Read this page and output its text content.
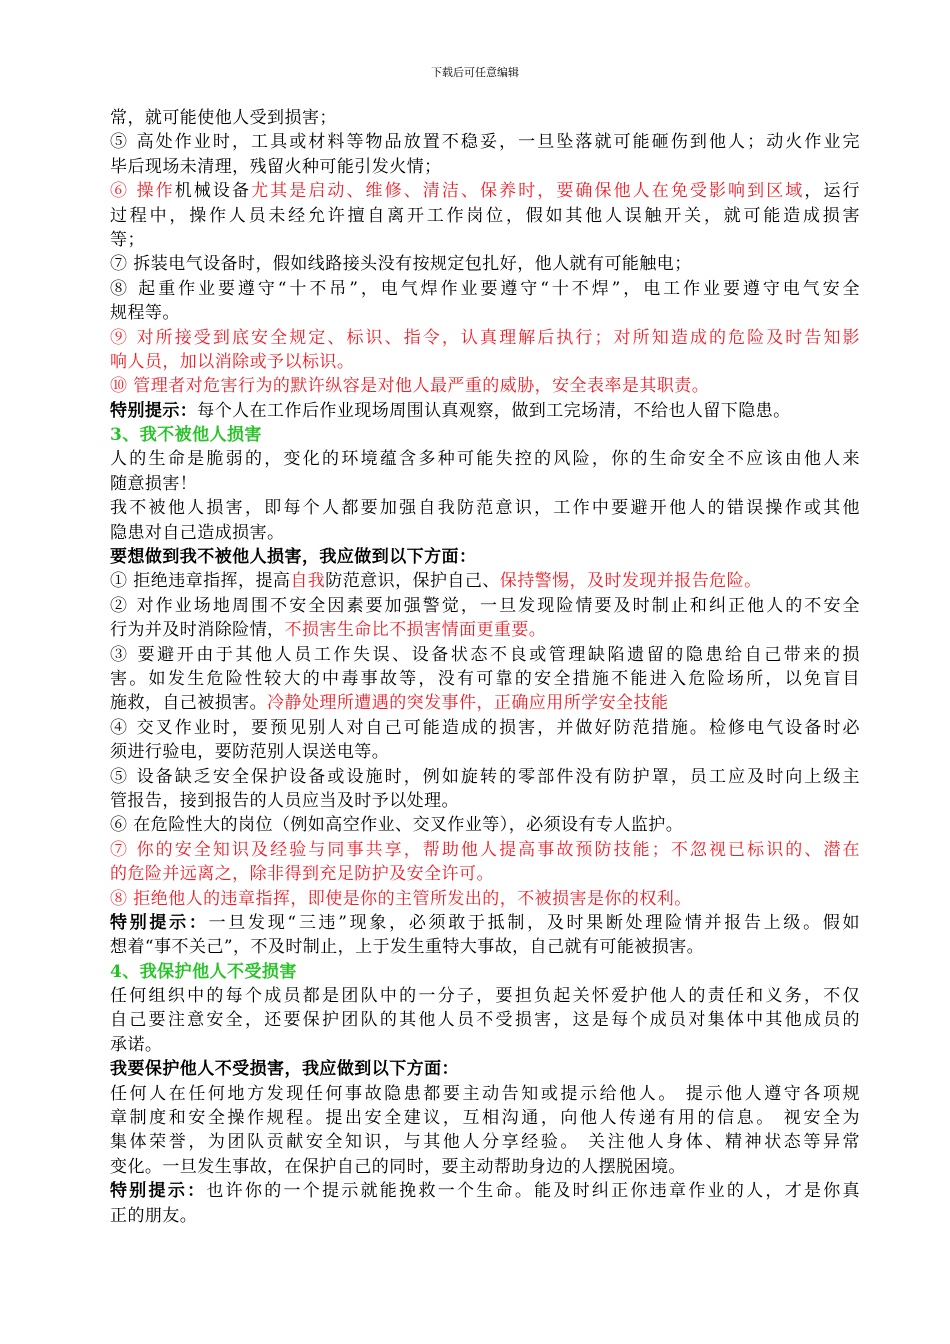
下载后可任意编辑
常，就可能使他人受到损害；
⑤ 高处作业时，工具或材料等物品放置不稳妥，一旦坠落就可能砸伤到他人；动火作业完
毕后现场未清理，残留火种可能引发火情；
⑥ 操作机械设备尤其是启动、维修、清洁、保养时，要确保他人在免受影响到区域，运行
过程中，操作人员未经允许擅自离开工作岗位，假如其他人误触开关，就可能造成损害
等；
⑦ 拆装电气设备时，假如线路接头没有按规定包扎好，他人就有可能触电；
⑧ 起重作业要遵守“十不吊”，电气焊作业要遵守“十不焊”，电工作业要遵守电气安全
规程等。
⑨ 对所接受到底安全规定、标识、指令，认真理解后执行；对所知造成的危险及时告知影
响人员，加以消除或予以标识。
⑩ 管理者对危害行为的默许纵容是对他人最严重的威胁，安全表率是其职责。
特别提示：每个人在工作后作业现场周围认真观察，做到工完场清，不给也人留下隐患。
3、我不被他人损害
人的生命是脆弱的，变化的环境蕴含多种可能失控的风险，你的生命安全不应该由他人来
随意损害！
我不被他人损害，即每个人都要加强自我防范意识，工作中要避开他人的错误操作或其他
隐患对自己造成损害。
要想做到我不被他人损害，我应做到以下方面：
① 拒绝违章指挥，提高自我防范意识，保护自己、保持警惕，及时发现并报告危险。
② 对作业场地周围不安全因素要加强警觉，一旦发现险情要及时制止和纠正他人的不安全
行为并及时消除险情，不损害生命比不损害情面更重要。
③ 要避开由于其他人员工作失误、设备状态不良或管理缺陷遗留的隐患给自己带来的损
害。如发生危险性较大的中毒事故等，没有可靠的安全措施不能进入危险场所，以免盲目
施救，自己被损害。冷静处理所遭遇的突发事件，正确应用所学安全技能
④ 交叉作业时，要预见别人对自己可能造成的损害，并做好防范措施。检修电气设备时必
须进行验电，要防范别人误送电等。
⑤ 设备缺乏安全保护设备或设施时，例如旋转的零部件没有防护罩，员工应及时向上级主
管报告，接到报告的人员应当及时予以处理。
⑥ 在危险性大的岗位（例如高空作业、交叉作业等），必须设有专人监护。
⑦ 你的安全知识及经验与同事共享，帮助他人提高事故预防技能；不忽视已标识的、潜在
的危险并远离之，除非得到充足防护及安全许可。
⑧ 拒绝他人的违章指挥，即使是你的主管所发出的，不被损害是你的权利。
特别提示：一旦发现“三违”现象，必须敢于抵制，及时果断处理险情并报告上级。假如
想着“事不关己”，不及时制止，上于发生重特大事故，自己就有可能被损害。
4、我保护他人不受损害
任何组织中的每个成员都是团队中的一分子，要担负起关怀爱护他人的责任和义务，不仅
自己要注意安全，还要保护团队的其他人员不受损害，这是每个成员对集体中其他成员的
承诺。
我要保护他人不受损害，我应做到以下方面：
任何人在任何地方发现任何事故隐患都要主动告知或提示给他人。 提示他人遵守各项规
章制度和安全操作规程。提出安全建议，互相沟通，向他人传递有用的信息。 视安全为
集体荣誉，为团队贡献安全知识，与其他人分享经验。 关注他人身体、精神状态等异常
变化。一旦发生事故，在保护自己的同时，要主动帮助身边的人摆脱困境。
特别提示：也许你的一个提示就能挽救一个生命。能及时纠正你违章作业的人，才是你真
正的朋友。
